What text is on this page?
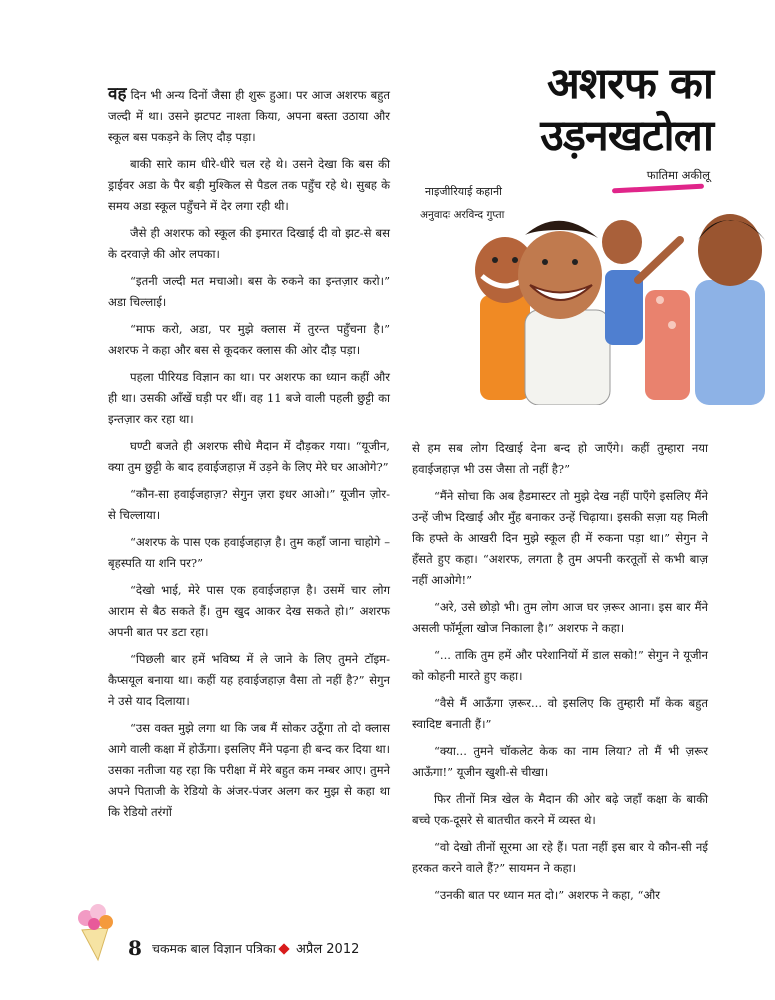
अशरफ का
उड़नखटोला
फातिमा अकीलू
नाइजीरियाई कहानी
अनुवादः अरविन्द गुप्ता

वह दिन भी अन्य दिनों जैसा ही शुरू हुआ। पर आज अशरफ बहुत जल्दी में था। उसने झटपट नाश्ता किया, अपना बस्ता उठाया और स्कूल बस पकड़ने के लिए दौड़ पड़ा।

बाकी सारे काम धीरे-धीरे चल रहे थे। उसने देखा कि बस की ड्राईवर अडा के पैर बड़ी मुश्किल से पैडल तक पहुँच रहे थे। सुबह के समय अडा स्कूल पहुँचने में देर लगा रही थी।

जैसे ही अशरफ को स्कूल की इमारत दिखाई दी वो झट-से बस के दरवाज़े की ओर लपका।

“इतनी जल्दी मत मचाओ। बस के रुकने का इन्तज़ार करो।” अडा चिल्लाई।

“माफ करो, अडा, पर मुझे क्लास में तुरन्त पहुँचना है।” अशरफ ने कहा और बस से कूदकर क्लास की ओर दौड़ पड़ा।

पहला पीरियड विज्ञान का था। पर अशरफ का ध्यान कहीं और ही था। उसकी आँखें घड़ी पर थीं। वह 11 बजे वाली पहली छुट्टी का इन्तज़ार कर रहा था।

घण्टी बजते ही अशरफ सीधे मैदान में दौड़कर गया। “यूजीन, क्या तुम छुट्टी के बाद हवाईजहाज़ में उड़ने के लिए मेरे घर आओगे?”

“कौन-सा हवाईजहाज़? सेगुन ज़रा इधर आओ।” यूजीन ज़ोर-से चिल्लाया।

“अशरफ के पास एक हवाईजहाज़ है। तुम कहाँ जाना चाहोगे – बृहस्पति या शनि पर?”

“देखो भाई, मेरे पास एक हवाईजहाज़ है। उसमें चार लोग आराम से बैठ सकते हैं। तुम खुद आकर देख सकते हो।” अशरफ अपनी बात पर डटा रहा।

“पिछली बार हमें भविष्य में ले जाने के लिए तुमने टॉइम-कैप्सयूल बनाया था। कहीं यह हवाईजहाज़ वैसा तो नहीं है?” सेगुन ने उसे याद दिलाया।

“उस वक्त मुझे लगा था कि जब मैं सोकर उठूँगा तो दो क्लास आगे वाली कक्षा में होऊँगा। इसलिए मैंने पढ़ना ही बन्द कर दिया था। उसका नतीजा यह रहा कि परीक्षा में मेरे बहुत कम नम्बर आए। तुमने अपने पिताजी के रेडियो के अंजर-पंजर अलग कर मुझ से कहा था कि रेडियो तरंगों

से हम सब लोग दिखाई देना बन्द हो जाएँगे। कहीं तुम्हारा नया हवाईजहाज़ भी उस जैसा तो नहीं है?”

“मैंने सोचा कि अब हैडमास्टर तो मुझे देख नहीं पाएँगे इसलिए मैंने उन्हें जीभ दिखाई और मुँह बनाकर उन्हें चिढ़ाया। इसकी सज़ा यह मिली कि हफ्ते के आखरी दिन मुझे स्कूल ही में रुकना पड़ा था।” सेगुन ने हँसते हुए कहा। “अशरफ, लगता है तुम अपनी करतूतों से कभी बाज़ नहीं आओगे!”

“अरे, उसे छोड़ो भी। तुम लोग आज घर ज़रूर आना। इस बार मैंने असली फॉर्मूला खोज निकाला है।” अशरफ ने कहा।

“... ताकि तुम हमें और परेशानियों में डाल सको!” सेगुन ने यूजीन को कोहनी मारते हुए कहा।

“वैसे मैं आऊँगा ज़रूर... वो इसलिए कि तुम्हारी माँ केक बहुत स्वादिष्ट बनाती हैं।”

“क्या... तुमने चॉकलेट केक का नाम लिया? तो मैं भी ज़रूर आऊँगा!” यूजीन खुशी-से चीखा।

फिर तीनों मित्र खेल के मैदान की ओर बढ़े जहाँ कक्षा के बाकी बच्चे एक-दूसरे से बातचीत करने में व्यस्त थे।

“वो देखो तीनों सूरमा आ रहे हैं। पता नहीं इस बार ये कौन-सी नई हरकत करने वाले हैं?” सायमन ने कहा।

“उनकी बात पर ध्यान मत दो।” अशरफ ने कहा, “और

8 चकमक बाल विज्ञान पत्रिका अप्रैल 2012
